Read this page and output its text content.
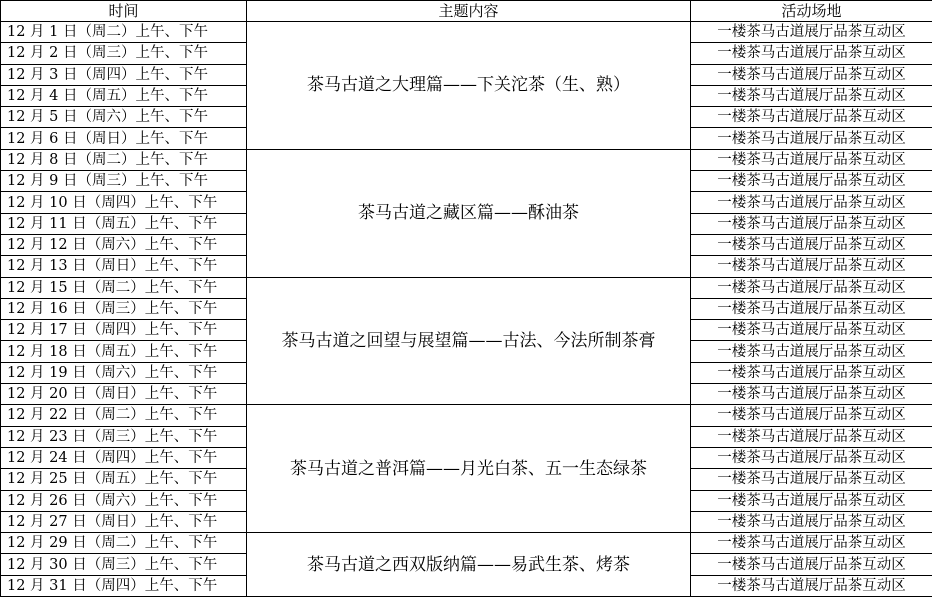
时间	主题内容	活动场地
12 月 1 日（周二）上午、下午	茶马古道之大理篇——下关沱茶（生、熟）	一楼茶马古道展厅品茶互动区
12 月 2 日（周三）上午、下午		一楼茶马古道展厅品茶互动区
12 月 3 日（周四）上午、下午		一楼茶马古道展厅品茶互动区
12 月 4 日（周五）上午、下午		一楼茶马古道展厅品茶互动区
12 月 5 日（周六）上午、下午		一楼茶马古道展厅品茶互动区
12 月 6 日（周日）上午、下午		一楼茶马古道展厅品茶互动区
12 月 8 日（周二）上午、下午	茶马古道之藏区篇——酥油茶	一楼茶马古道展厅品茶互动区
12 月 9 日（周三）上午、下午		一楼茶马古道展厅品茶互动区
12 月 10 日（周四）上午、下午		一楼茶马古道展厅品茶互动区
12 月 11 日（周五）上午、下午		一楼茶马古道展厅品茶互动区
12 月 12 日（周六）上午、下午		一楼茶马古道展厅品茶互动区
12 月 13 日（周日）上午、下午		一楼茶马古道展厅品茶互动区
12 月 15 日（周二）上午、下午	茶马古道之回望与展望篇——古法、今法所制茶膏	一楼茶马古道展厅品茶互动区
12 月 16 日（周三）上午、下午		一楼茶马古道展厅品茶互动区
12 月 17 日（周四）上午、下午		一楼茶马古道展厅品茶互动区
12 月 18 日（周五）上午、下午		一楼茶马古道展厅品茶互动区
12 月 19 日（周六）上午、下午		一楼茶马古道展厅品茶互动区
12 月 20 日（周日）上午、下午		一楼茶马古道展厅品茶互动区
12 月 22 日（周二）上午、下午	茶马古道之普洱篇——月光白茶、五一生态绿茶	一楼茶马古道展厅品茶互动区
12 月 23 日（周三）上午、下午		一楼茶马古道展厅品茶互动区
12 月 24 日（周四）上午、下午		一楼茶马古道展厅品茶互动区
12 月 25 日（周五）上午、下午		一楼茶马古道展厅品茶互动区
12 月 26 日（周六）上午、下午		一楼茶马古道展厅品茶互动区
12 月 27 日（周日）上午、下午		一楼茶马古道展厅品茶互动区
12 月 29 日（周二）上午、下午	茶马古道之西双版纳篇——易武生茶、烤茶	一楼茶马古道展厅品茶互动区
12 月 30 日（周三）上午、下午		一楼茶马古道展厅品茶互动区
12 月 31 日（周四）上午、下午		一楼茶马古道展厅品茶互动区
